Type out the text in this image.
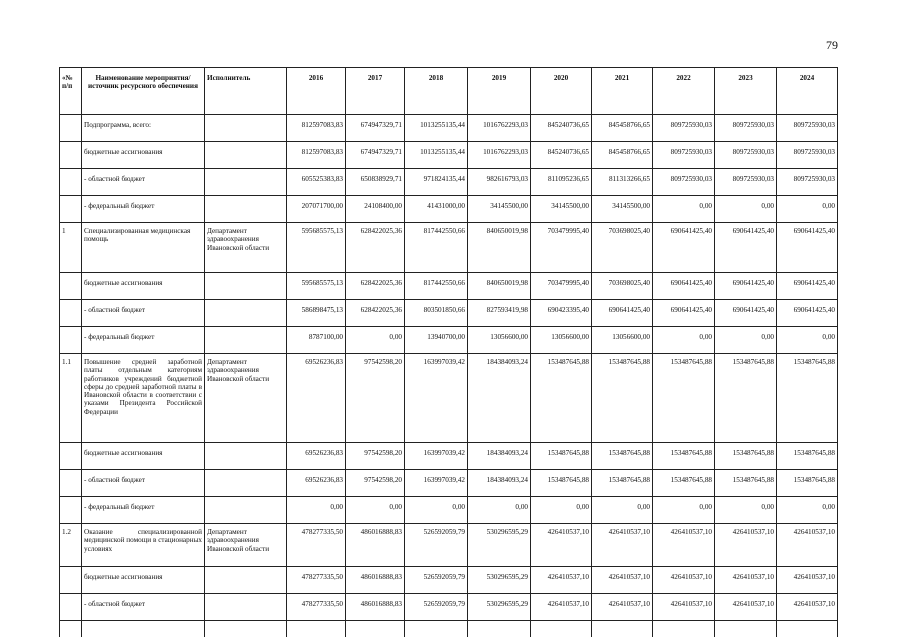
79
«№ п/п	Наименование мероприятия/источник ресурсного обеспечения	Исполнитель	2016	2017	2018	2019	2020	2021	2022	2023	2024
	Подпрограмма, всего:		812597083,83	674947329,71	1013255135,44	1016762293,03	845240736,65	845458766,65	809725930,03	809725930,03	809725930,03
	бюджетные ассигнования		812597083,83	674947329,71	1013255135,44	1016762293,03	845240736,65	845458766,65	809725930,03	809725930,03	809725930,03
	- областной бюджет		605525383,83	650838929,71	971824135,44	982616793,03	811095236,65	811313266,65	809725930,03	809725930,03	809725930,03
	- федеральный бюджет		207071700,00	24108400,00	41431000,00	34145500,00	34145500,00	34145500,00	0,00	0,00	0,00
1	Специализированная медицинская помощь	Департамент здравоохранения Ивановской области	595685575,13	628422025,36	817442550,66	840650019,98	703479995,40	703698025,40	690641425,40	690641425,40	690641425,40
	бюджетные ассигнования		595685575,13	628422025,36	817442550,66	840650019,98	703479995,40	703698025,40	690641425,40	690641425,40	690641425,40
	- областной бюджет		586898475,13	628422025,36	803501850,66	827593419,98	690423395,40	690641425,40	690641425,40	690641425,40	690641425,40
	- федеральный бюджет		8787100,00	0,00	13940700,00	13056600,00	13056600,00	13056600,00	0,00	0,00	0,00
1.1	Повышение средней заработной платы отдельным категориям работников учреждений бюджетной сферы до средней заработной платы в Ивановской области в соответствии с указами Президента Российской Федерации	Департамент здравоохранения Ивановской области	69526236,83	97542598,20	163997039,42	184384093,24	153487645,88	153487645,88	153487645,88	153487645,88	153487645,88
	бюджетные ассигнования		69526236,83	97542598,20	163997039,42	184384093,24	153487645,88	153487645,88	153487645,88	153487645,88	153487645,88
	- областной бюджет		69526236,83	97542598,20	163997039,42	184384093,24	153487645,88	153487645,88	153487645,88	153487645,88	153487645,88
	- федеральный бюджет		0,00	0,00	0,00	0,00	0,00	0,00	0,00	0,00	0,00
1.2	Оказание специализированной медицинской помощи в стационарных условиях	Департамент здравоохранения Ивановской области	478277335,50	486016888,83	526592059,79	530296595,29	426410537,10	426410537,10	426410537,10	426410537,10	426410537,10
	бюджетные ассигнования		478277335,50	486016888,83	526592059,79	530296595,29	426410537,10	426410537,10	426410537,10	426410537,10	426410537,10
	- областной бюджет		478277335,50	486016888,83	526592059,79	530296595,29	426410537,10	426410537,10	426410537,10	426410537,10	426410537,10
